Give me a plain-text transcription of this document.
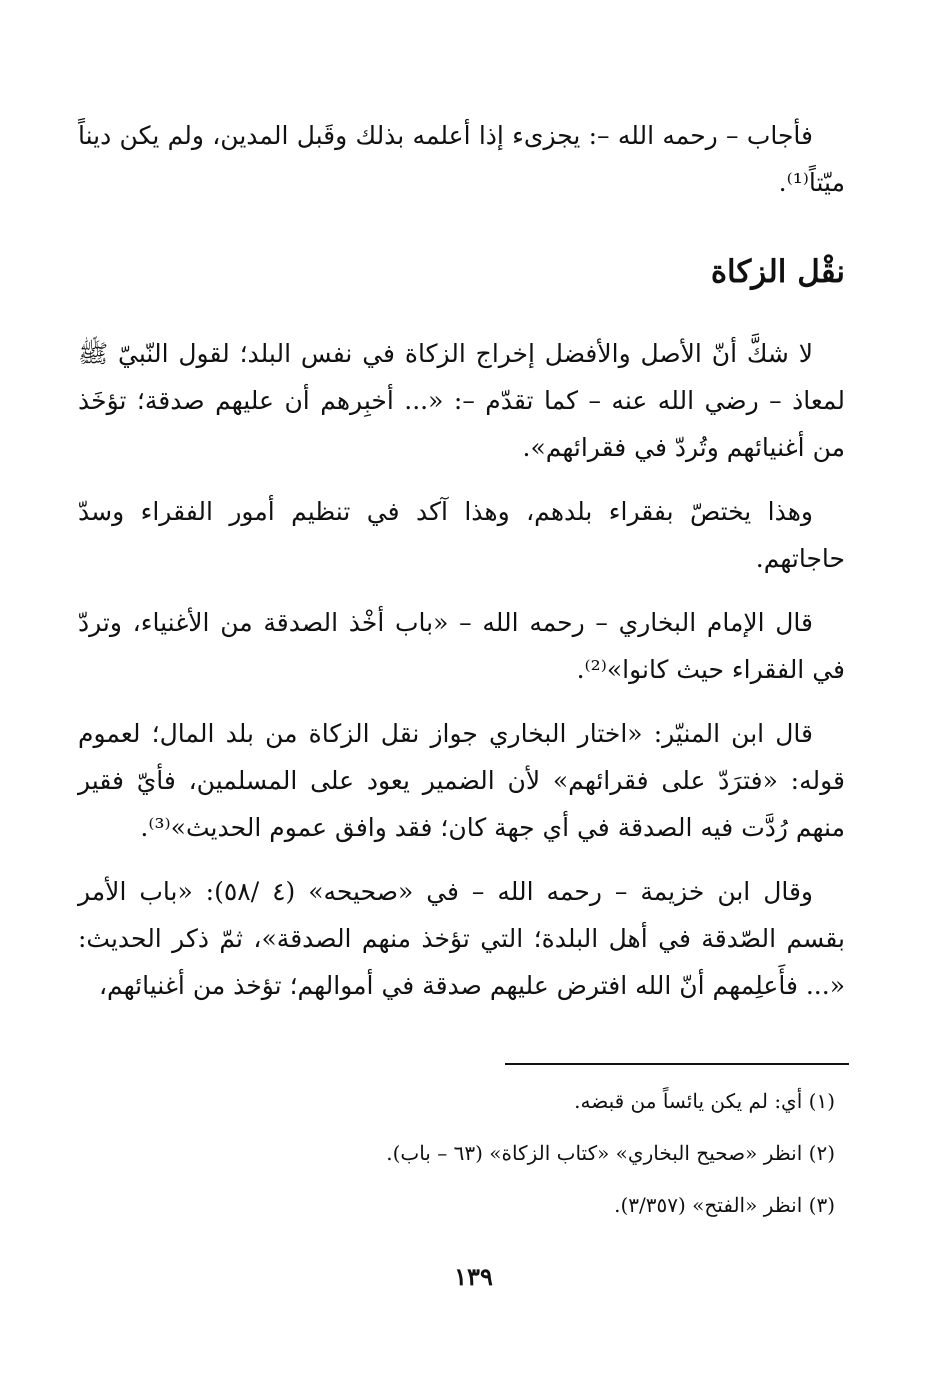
فأجاب – رحمه الله –: يجزىء إذا أعلمه بذلك وقَبل المدين، ولم يكن ديناً ميّتاً⁽¹⁾.

نقْل الزكاة

لا شكَّ أنّ الأصل والأفضل إخراج الزكاة في نفس البلد؛ لقول النّبيّ ﷺ لمعاذ – رضي الله عنه – كما تقدّم –: «... أخبِرهم أن عليهم صدقة؛ تؤخَذ من أغنيائهم وتُردّ في فقرائهم».

وهذا يختصّ بفقراء بلدهم، وهذا آكد في تنظيم أمور الفقراء وسدّ حاجاتهم.

قال الإمام البخاري – رحمه الله – «باب أخْذ الصدقة من الأغنياء، وتردّ في الفقراء حيث كانوا»⁽²⁾.

قال ابن المنيّر: «اختار البخاري جواز نقل الزكاة من بلد المال؛ لعموم قوله: «فترَدّ على فقرائهم» لأن الضمير يعود على المسلمين، فأيّ فقير منهم رُدَّت فيه الصدقة في أي جهة كان؛ فقد وافق عموم الحديث»⁽³⁾.

وقال ابن خزيمة – رحمه الله – في «صحيحه» (٤ /٥٨): «باب الأمر بقسم الصّدقة في أهل البلدة؛ التي تؤخذ منهم الصدقة»، ثمّ ذكر الحديث: «... فأَعلِمهم أنّ الله افترض عليهم صدقة في أموالهم؛ تؤخذ من أغنيائهم،

(١) أي: لم يكن يائساً من قبضه.

(٢) انظر «صحيح البخاري» «كتاب الزكاة» (٦٣ – باب).

(٣) انظر «الفتح» (٣/٣٥٧).

١٣٩
